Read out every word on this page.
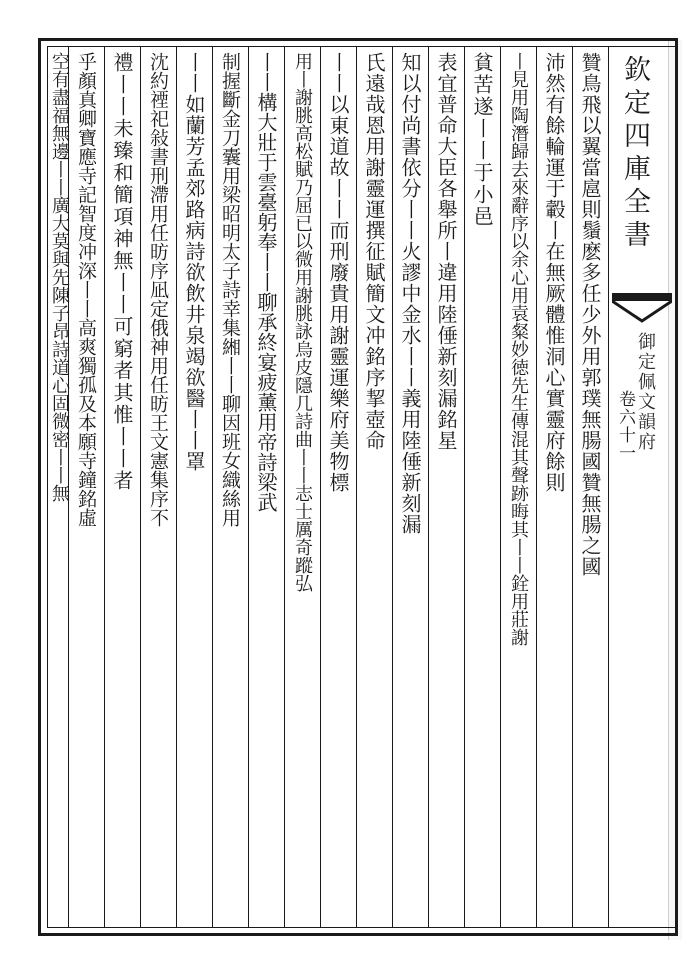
欽定四庫全書
御定佩文韻府
卷六十一
贊鳥飛以翼當扈則鬚麽多任少外用郭璞無腸國贊無腸之國
沛然有餘輪運于轂丨在無厥體惟洞心實靈府餘則
丨見用陶潛歸去來辭序以余心用袁粲妙徳先生傳混其聲跡晦其丨丨銓用莊謝
貧苦遂丨丨于小邑
表宜普命大臣各舉所丨違用陸倕新刻漏銘星
知以付尚書依分丨丨火謬中金水丨丨義用陸倕新刻漏
氏遠哉恩用謝靈運撰征賦簡文冲銘序挈壺命
丨丨以東道故丨丨而刑廢貴用謝靈運樂府美物標
用丨謝朓高松賦乃屈已以微用謝朓詠烏皮隱几詩曲丨丨志士厲奇蹤弘
丨丨構大壯于雲臺躬奉丨丨聊承終宴疲薰用帝詩梁武
制握斷金刀囊用梁昭明太子詩幸集緗丨丨聊因班女織絲用
丨丨如蘭芳孟郊路病詩欲飲井泉竭欲醫丨丨罩
沈約禋祀敍書刑滯用任昉序凪定俄神用任昉王文憲集序不
禮丨丨未臻和簡項神無丨丨可窮者其惟丨丨者
乎顏真卿寶應寺記智度冲深丨丨高爽獨孤及本願寺鐘銘虛
空有盡福無邊丨丨廣大莫與先陳子昂詩道心固微密丨丨無
